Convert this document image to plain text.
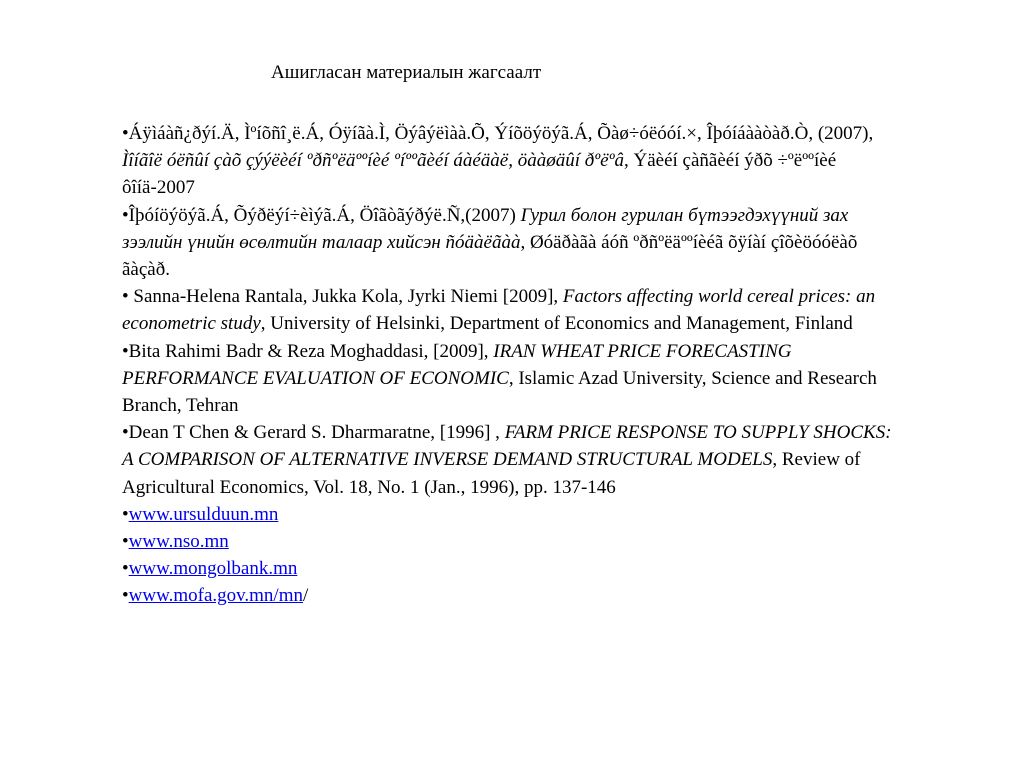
Ашигласан материалын жагсаалт

•Áÿìáàñ¿ðýí.Ä, Ìºíõñî¸ë.Á, Óÿíãà.Ì, Öýâýëìàà.Õ, Ýíõöýöýã.Á, Õàø÷óëóóí.×, Îþóíáààòàð.Ò, (2007), Ìîíãîë óëñûí çàõ çýýëèéí ºðñºëäººíèé ºíººãèéí áàéäàë, öààøäûí ðºëºâ, Ýäèéí çàñãèéí ýðõ ÷ºëººíèé ôîíä-2007

•Îþóíöýöýã.Á, Õýðëýí÷èìýã.Á, Öîãòãýðýë.Ñ,(2007) Гурил болон гурилан бүтээгдэхүүний зах зээлийн үнийн өсөлтийн талаар хийсэн ñóäàëãàà, Øóäðàãà áóñ ºðñºëäººíèéã õÿíàí çîõèöóóëàõ ãàçàð.

• Sanna-Helena Rantala, Jukka Kola, Jyrki Niemi [2009], Factors affecting world cereal prices: an econometric study, University of Helsinki, Department of Economics and Management, Finland

•Bita Rahimi Badr & Reza Moghaddasi, [2009], IRAN WHEAT PRICE FORECASTING PERFORMANCE EVALUATION OF ECONOMIC, Islamic Azad University, Science and Research Branch, Tehran

•Dean T Chen & Gerard S. Dharmaratne, [1996] , FARM PRICE RESPONSE TO SUPPLY SHOCKS: A COMPARISON OF ALTERNATIVE INVERSE DEMAND STRUCTURAL MODELS, Review of Agricultural Economics, Vol. 18, No. 1 (Jan., 1996), pp. 137-146

•www.ursulduun.mn

•www.nso.mn

•www.mongolbank.mn

•www.mofa.gov.mn/mn/
